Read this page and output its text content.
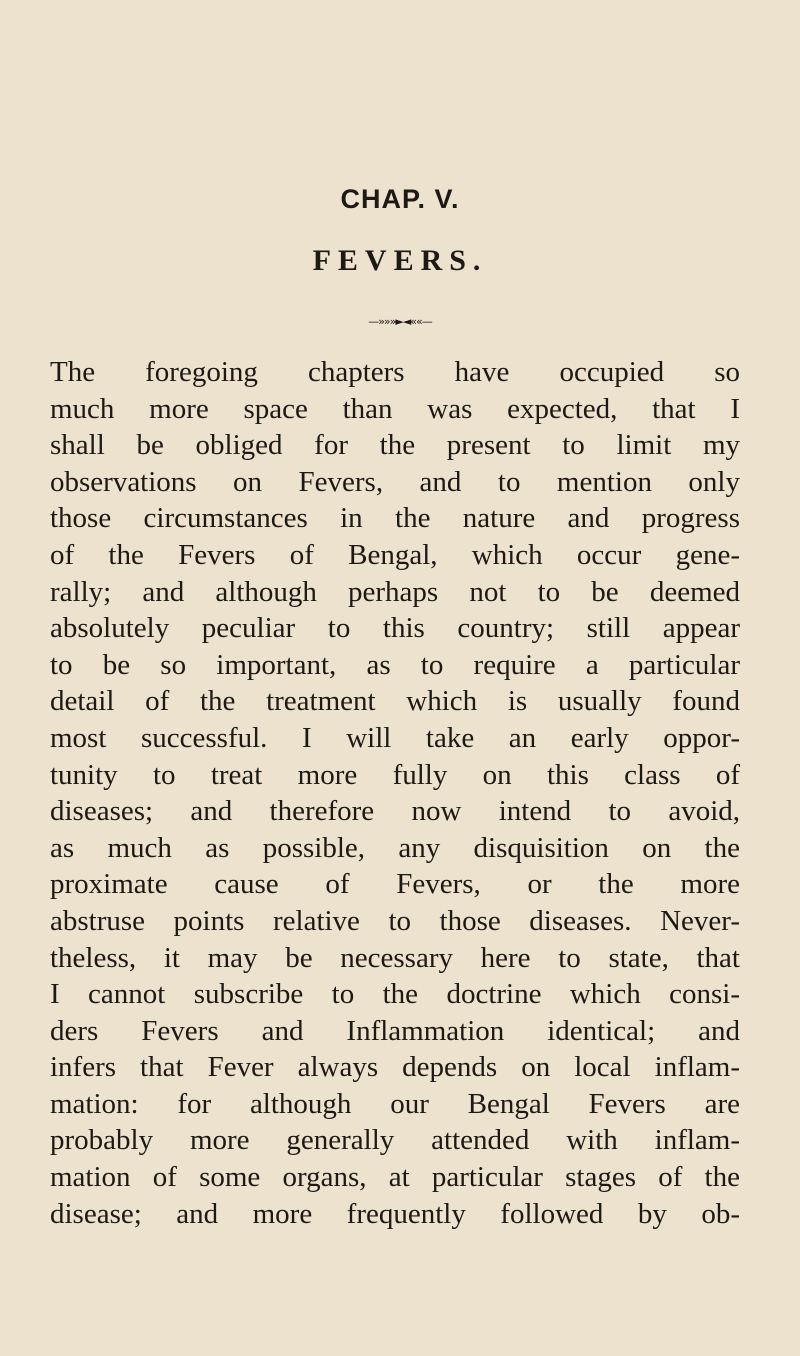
CHAP. V.
FEVERS.
—»»»►◄««—

The foregoing chapters have occupied so
much more space than was expected, that I
shall be obliged for the present to limit my
observations on Fevers, and to mention only
those circumstances in the nature and progress
of the Fevers of Bengal, which occur gene-
rally; and although perhaps not to be deemed
absolutely peculiar to this country; still appear
to be so important, as to require a particular
detail of the treatment which is usually found
most successful. I will take an early oppor-
tunity to treat more fully on this class of
diseases; and therefore now intend to avoid,
as much as possible, any disquisition on the
proximate cause of Fevers, or the more
abstruse points relative to those diseases. Never-
theless, it may be necessary here to state, that
I cannot subscribe to the doctrine which consi-
ders Fevers and Inflammation identical; and
infers that Fever always depends on local inflam-
mation: for although our Bengal Fevers are
probably more generally attended with inflam-
mation of some organs, at particular stages of the
disease; and more frequently followed by ob-
